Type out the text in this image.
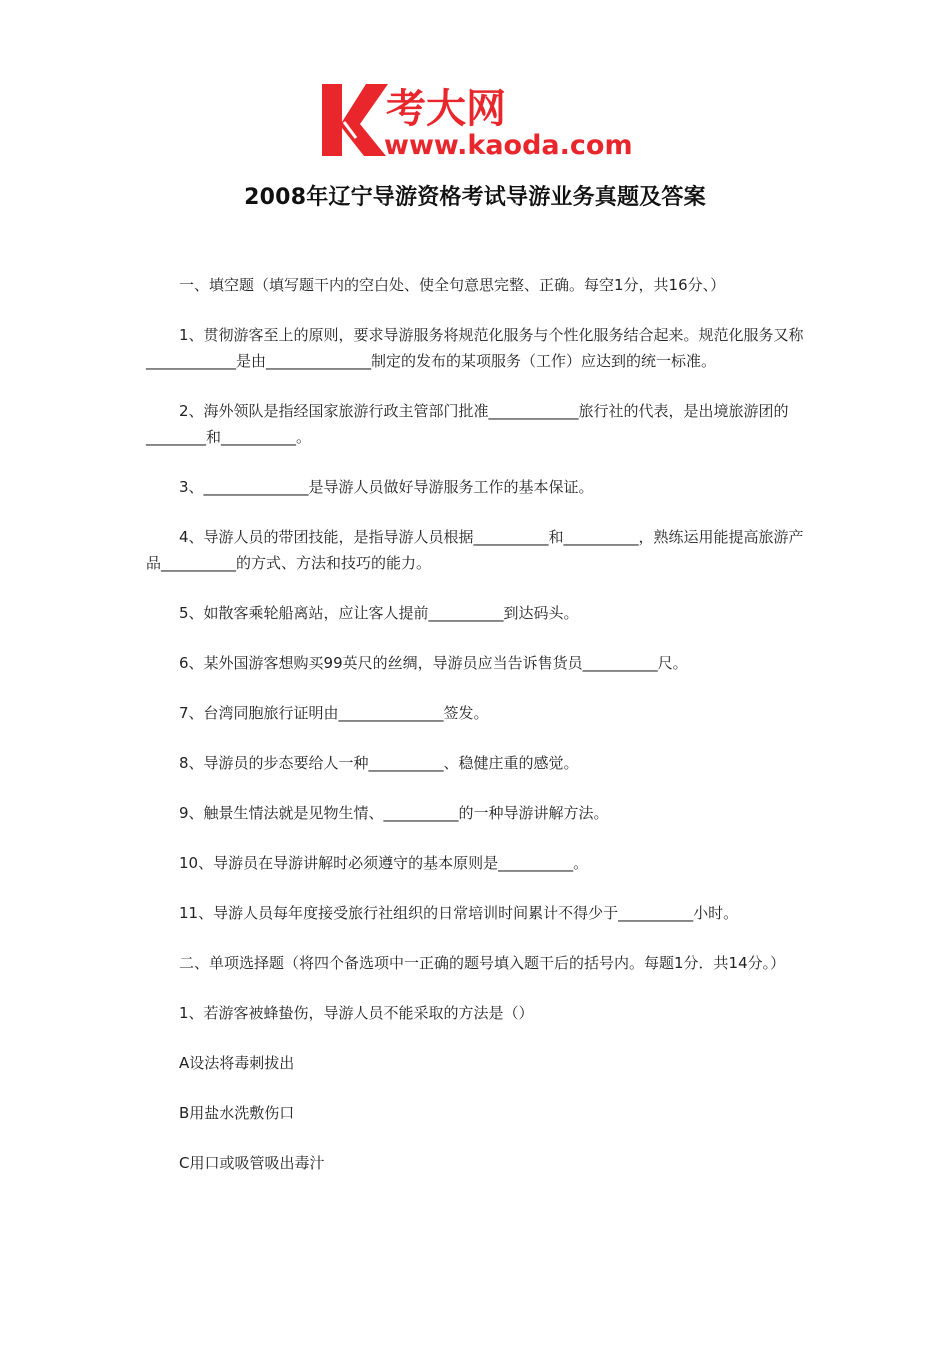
考大网
www.kaoda.com
2008年辽宁导游资格考试导游业务真题及答案

一、填空题（填写题干内的空白处、使全句意思完整、正确。每空1分，共16分、）

1、贯彻游客至上的原则，要求导游服务将规范化服务与个性化服务结合起来。规范化服务又称____________是由______________制定的发布的某项服务（工作）应达到的统一标准。

2、海外领队是指经国家旅游行政主管部门批准____________旅行社的代表，是出境旅游团的________和__________。

3、______________是导游人员做好导游服务工作的基本保证。

4、导游人员的带团技能，是指导游人员根据__________和__________，熟练运用能提高旅游产品__________的方式、方法和技巧的能力。

5、如散客乘轮船离站，应让客人提前__________到达码头。

6、某外国游客想购买99英尺的丝绸，导游员应当告诉售货员__________尺。

7、台湾同胞旅行证明由______________签发。

8、导游员的步态要给人一种__________、稳健庄重的感觉。

9、触景生情法就是见物生情、__________的一种导游讲解方法。

10、导游员在导游讲解时必须遵守的基本原则是__________。

11、导游人员每年度接受旅行社组织的日常培训时间累计不得少于__________小时。

二、单项选择题（将四个备选项中一正确的题号填入题干后的括号内。每题1分．共14分。）

1、若游客被蜂蛰伤，导游人员不能采取的方法是（）

A设法将毒刺拔出

B用盐水洗敷伤口

C用口或吸管吸出毒汁
